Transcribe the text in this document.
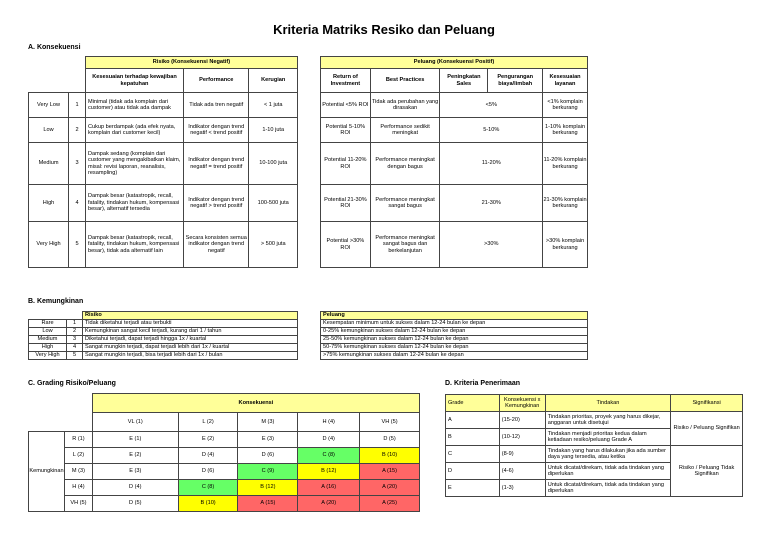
Kriteria Matriks Resiko dan Peluang
A. Konsekuensi
		Risiko (Konsekuensi Negatif)		
		Kesesuaian terhadap kewajiban kepatuhan	Performance	Kerugian
Very Low	1	Minimal (tidak ada komplain dari customer) atau tidak ada dampak	Tidak ada tren negatif	< 1 juta
Low	2	Cukup berdampak (ada efek nyata, komplain dari customer kecil)	Indikator dengan trend negatif < trend positif	1-10 juta
Medium	3	Dampak sedang (komplain dari customer yang mengakibatkan klaim, misal: revisi laporan, reanalisis, resampling)	Indikator dengan trend negatif = trend positif	10-100 juta
High	4	Dampak besar (katastropik, recall, fatality, tindakan hukum, kompensasi besar), alternatif tersedia	Indikator dengan trend negatif > trend positif	100-500 juta
Very High	5	Dampak besar (katastropik, recall, fatality, tindakan hukum, kompensasi besar), tidak ada alternatif lain	Secara konsisten semua indikator dengan trend negatif	> 500 juta
Peluang (Konsekuensi Positif)				
Return of Investment	Best Practices	Peningkatan Sales	Pengurangan biaya/limbah	Kesesuaian layanan
Potential <5% ROI	Tidak ada perubahan yang dirasakan	<5%		<1% komplain berkurang
Potential 5-10% ROI	Performance sedikit meningkat	5-10%		1-10% komplain berkurang
Potential 11-20% ROI	Performance meningkat dengan bagus	11-20%		11-20% komplain berkurang
Potential 21-30% ROI	Performance meningkat sangat bagus	21-30%		21-30% komplain berkurang
Potential >30% ROI	Performance meningkat sangat bagus dan berkelanjutan	>30%		>30% komplain berkurang
B. Kemungkinan
		Risiko
Rare	1	Tidak diketahui terjadi atau terbukti
Low	2	Kemungkinan sangat kecil terjadi, kurang dari 1 / tahun
Medium	3	Diketahui terjadi, dapat terjadi hingga 1x / kuartal
High	4	Sangat mungkin terjadi, dapat terjadi lebih dari 1x / kuartal
Very High	5	Sangat mungkin terjadi, bisa terjadi lebih dari 1x / bulan
Peluang
Kesempatan minimum untuk sukses dalam 12-24 bulan ke depan
0-25% kemungkinan sukses dalam 12-24 bulan ke depan
25-50% kemungkinan sukses dalam 12-24 bulan ke depan
50-75% kemungkinan sukses dalam 12-24 bulan ke depan
>75% kemungkinan sukses dalam 12-24 bulan ke depan
C. Grading Risiko/Peluang
		Konsekuensi				
		VL (1)	L (2)	M (3)	H (4)	VH (5)
Kemungkinan	R (1)	E (1)	E (2)	E (3)	D (4)	D (5)
	L (2)	E (2)	D (4)	D (6)	C (8)	B (10)
	M (3)	E (3)	D (6)	C (9)	B (12)	A (15)
	H (4)	D (4)	C (8)	B (12)	A (16)	A (20)
	VH (5)	D (5)	B (10)	A (15)	A (20)	A (25)
D. Kriteria Penerimaan
Grade	Konsekuensi x Kemungkinan	Tindakan	Signifikansi
A	(15-20)	Tindakan prioritas, proyek yang harus dikejar, anggaran untuk disetujui	Risiko / Peluang Signifikan
B	(10-12)	Tindakan menjadi prioritas kedua dalam ketiadaan resiko/peluang Grade A	
C	(8-9)	Tindakan yang harus dilakukan jika ada sumber daya yang tersedia, atau ketika	Risiko / Peluang Tidak Signifikan
D	(4-6)	Untuk dicatat/direkam, tidak ada tindakan yang diperlukan	
E	(1-3)	Untuk dicatat/direkam, tidak ada tindakan yang diperlukan	
